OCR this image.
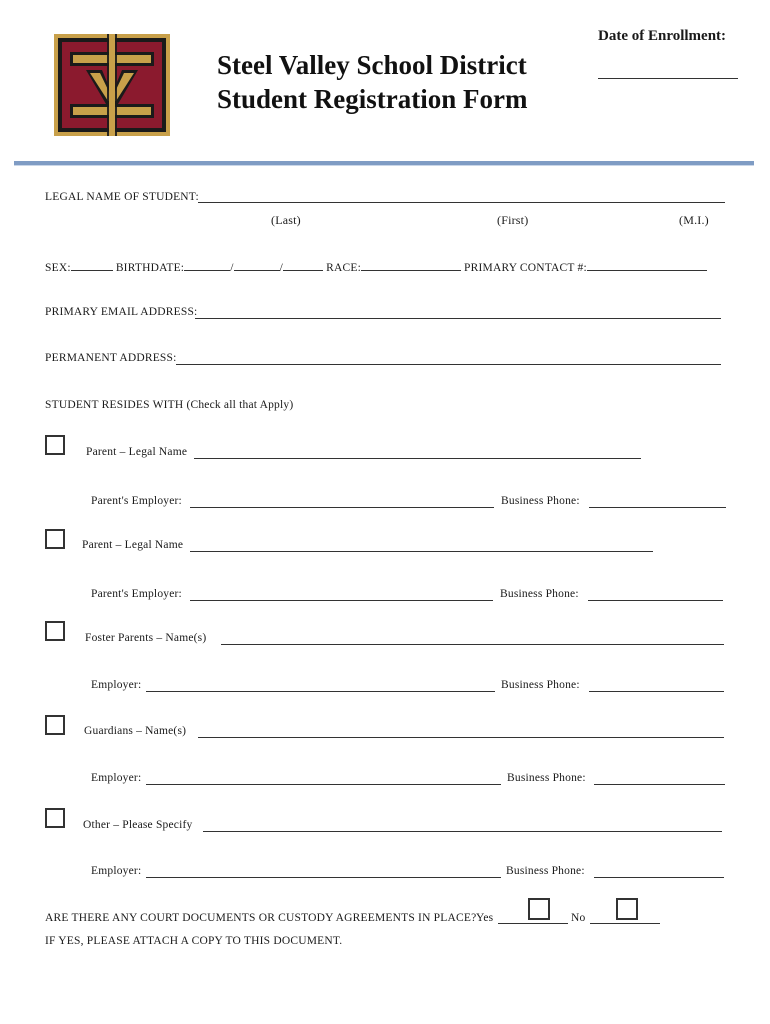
Steel Valley School District
Student Registration Form
Date of Enrollment:
LEGAL NAME OF STUDENT:
(Last)	(First)	(M.I.)
SEX:	BIRTHDATE:	/	/	RACE:	PRIMARY CONTACT #:
PRIMARY EMAIL ADDRESS:
PERMANENT ADDRESS:
STUDENT RESIDES WITH (Check all that Apply)
Parent – Legal Name
Parent's Employer:	Business Phone:
Parent – Legal Name
Parent's Employer:	Business Phone:
Foster Parents – Name(s)
Employer:	Business Phone:
Guardians – Name(s)
Employer:	Business Phone:
Other – Please Specify
Employer:	Business Phone:
ARE THERE ANY COURT DOCUMENTS OR CUSTODY AGREEMENTS IN PLACE? Yes	No
IF YES, PLEASE ATTACH A COPY TO THIS DOCUMENT.
